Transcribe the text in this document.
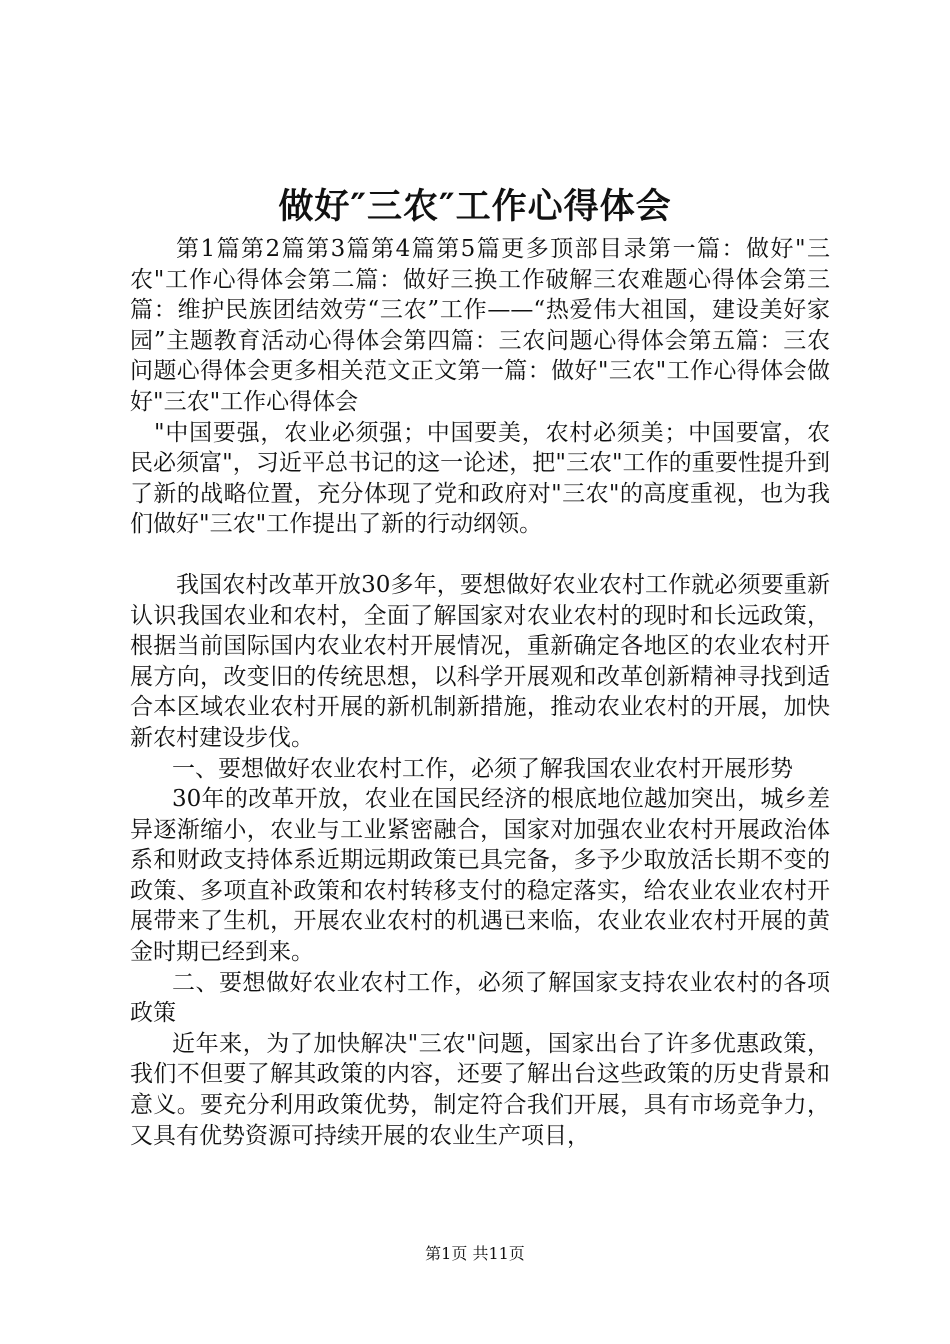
做好″三农″工作心得体会

第1篇第2篇第3篇第4篇第5篇更多顶部目录第一篇：做好"三农"工作心得体会第二篇：做好三换工作破解三农难题心得体会第三篇：维护民族团结效劳“三农”工作——“热爱伟大祖国，建设美好家园”主题教育活动心得体会第四篇：三农问题心得体会第五篇：三农问题心得体会更多相关范文正文第一篇：做好"三农"工作心得体会做好"三农"工作心得体会

"中国要强，农业必须强；中国要美，农村必须美；中国要富，农民必须富"，习近平总书记的这一论述，把"三农"工作的重要性提升到了新的战略位置，充分体现了党和政府对"三农"的高度重视，也为我们做好"三农"工作提出了新的行动纲领。

我国农村改革开放30多年，要想做好农业农村工作就必须要重新认识我国农业和农村，全面了解国家对农业农村的现时和长远政策，根据当前国际国内农业农村开展情况，重新确定各地区的农业农村开展方向，改变旧的传统思想，以科学开展观和改革创新精神寻找到适合本区域农业农村开展的新机制新措施，推动农业农村的开展，加快新农村建设步伐。

一、要想做好农业农村工作，必须了解我国农业农村开展形势

30年的改革开放，农业在国民经济的根底地位越加突出，城乡差异逐渐缩小，农业与工业紧密融合，国家对加强农业农村开展政治体系和财政支持体系近期远期政策已具完备，多予少取放活长期不变的政策、多项直补政策和农村转移支付的稳定落实，给农业农业农村开展带来了生机，开展农业农村的机遇已来临，农业农业农村开展的黄金时期已经到来。

二、要想做好农业农村工作，必须了解国家支持农业农村的各项政策

近年来，为了加快解决"三农"问题，国家出台了许多优惠政策，我们不但要了解其政策的内容，还要了解出台这些政策的历史背景和意义。要充分利用政策优势，制定符合我们开展，具有市场竞争力，又具有优势资源可持续开展的农业生产项目，

第1页 共11页
